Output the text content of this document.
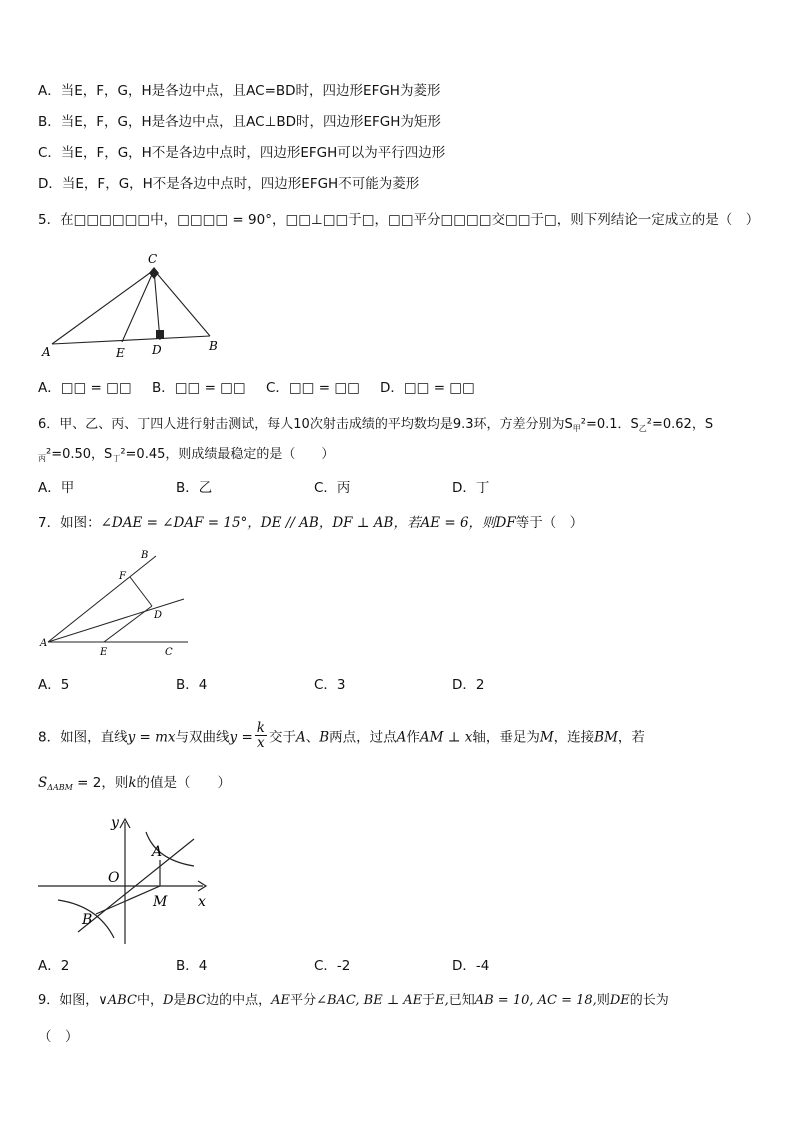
A．当E，F，G，H是各边中点，且AC=BD时，四边形EFGH为菱形
B．当E，F，G，H是各边中点，且AC⊥BD时，四边形EFGH为矩形
C．当E，F，G，H不是各边中点时，四边形EFGH可以为平行四边形
D．当E，F，G，H不是各边中点时，四边形EFGH不可能为菱形
5．在□□□□□□中，□□□□ = 90°，□□⊥□□于□，□□平分□□□□交□□于□，则下列结论一定成立的是（　）
C
A	E D	B
A．□□ = □□ B．□□ = □□ C．□□ = □□ D．□□ = □□
6．甲、乙、丙、丁四人进行射击测试，每人10次射击成绩的平均数均是9.3环，方差分别为$S_甲^2=0.1$．$S_乙^2=0.62$，S
$_丙$²=0.50，$S_丁^2=0.45$，则成绩最稳定的是（　　）
A．甲	B．乙	C．丙	D．丁
7．如图：∠DAE = ∠DAF = 15°，DE // AB，DF ⊥ AB，若AE = 6，则DF等于（　）
B
F
D
A
E	C
A．5	B．4	C．3	D．2
8．如图，直线y = mx与双曲线$y = \frac{k}{x}$ 交于A、B两点，过点A作AM ⊥ x轴，垂足为M，连接BM，若
$S_{\Delta ABM} = 2$，则k的值是（　　）
y
x
O
A
M
B
A．2	B．4	C．-2	D．-4
9．如图，∨ABC中，D是BC边的中点，AE平分∠BAC, BE ⊥ AE于E,已知AB = 10, AC = 18,则DE的长为
（　）
